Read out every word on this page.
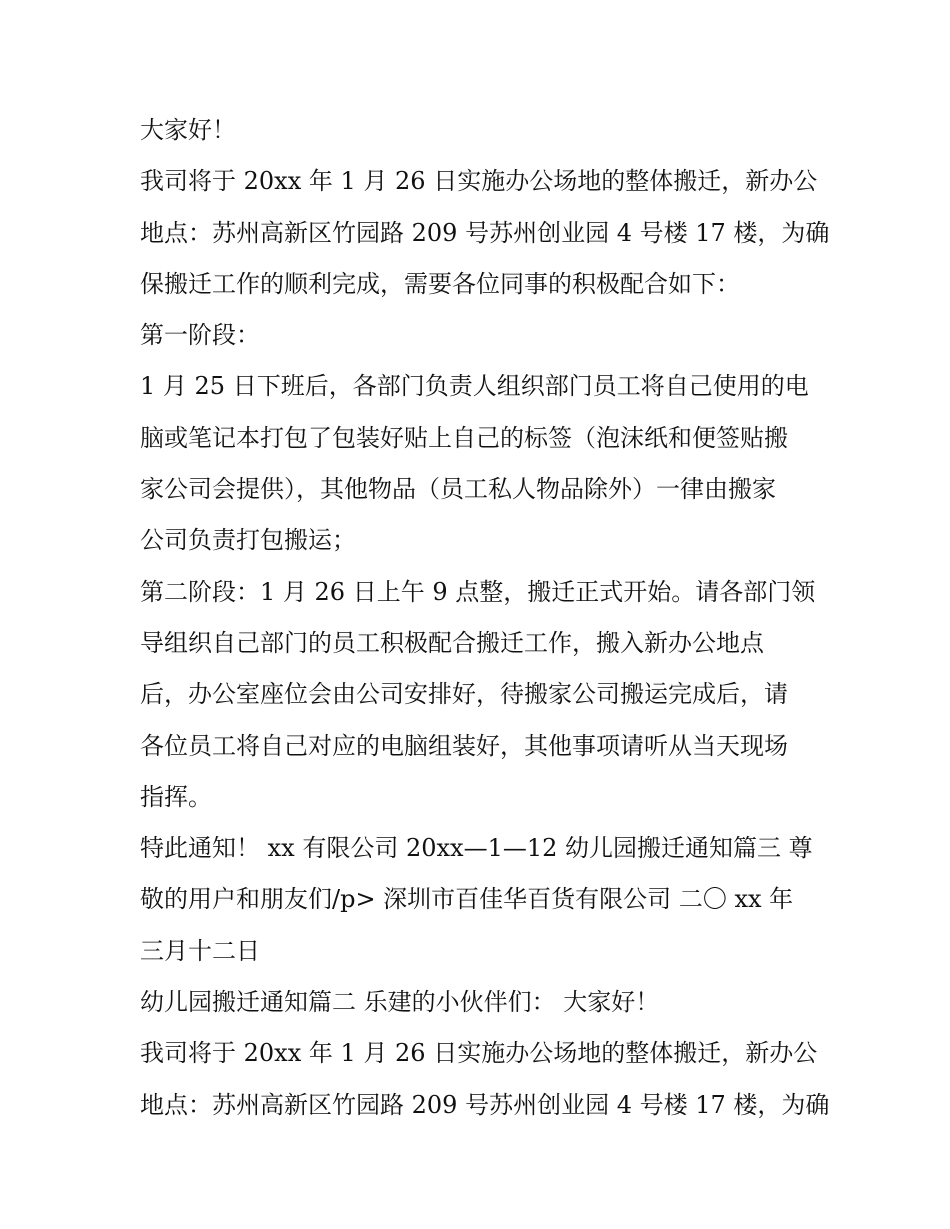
大家好！
我司将于 20xx 年 1 月 26 日实施办公场地的整体搬迁，新办公
地点：苏州高新区竹园路 209 号苏州创业园 4 号楼 17 楼，为确
保搬迁工作的顺利完成，需要各位同事的积极配合如下：
第一阶段：
1 月 25 日下班后，各部门负责人组织部门员工将自己使用的电
脑或笔记本打包了包装好贴上自己的标签（泡沫纸和便签贴搬
家公司会提供），其他物品（员工私人物品除外）一律由搬家
公司负责打包搬运；
第二阶段：1 月 26 日上午 9 点整，搬迁正式开始。请各部门领
导组织自己部门的员工积极配合搬迁工作，搬入新办公地点
后，办公室座位会由公司安排好，待搬家公司搬运完成后，请
各位员工将自己对应的电脑组装好，其他事项请听从当天现场
指挥。
特此通知！ xx 有限公司 20xx—1—12 幼儿园搬迁通知篇三 尊
敬的用户和朋友们/p> 深圳市百佳华百货有限公司 二〇 xx 年
三月十二日
幼儿园搬迁通知篇二 乐建的小伙伴们： 大家好！
我司将于 20xx 年 1 月 26 日实施办公场地的整体搬迁，新办公
地点：苏州高新区竹园路 209 号苏州创业园 4 号楼 17 楼，为确
